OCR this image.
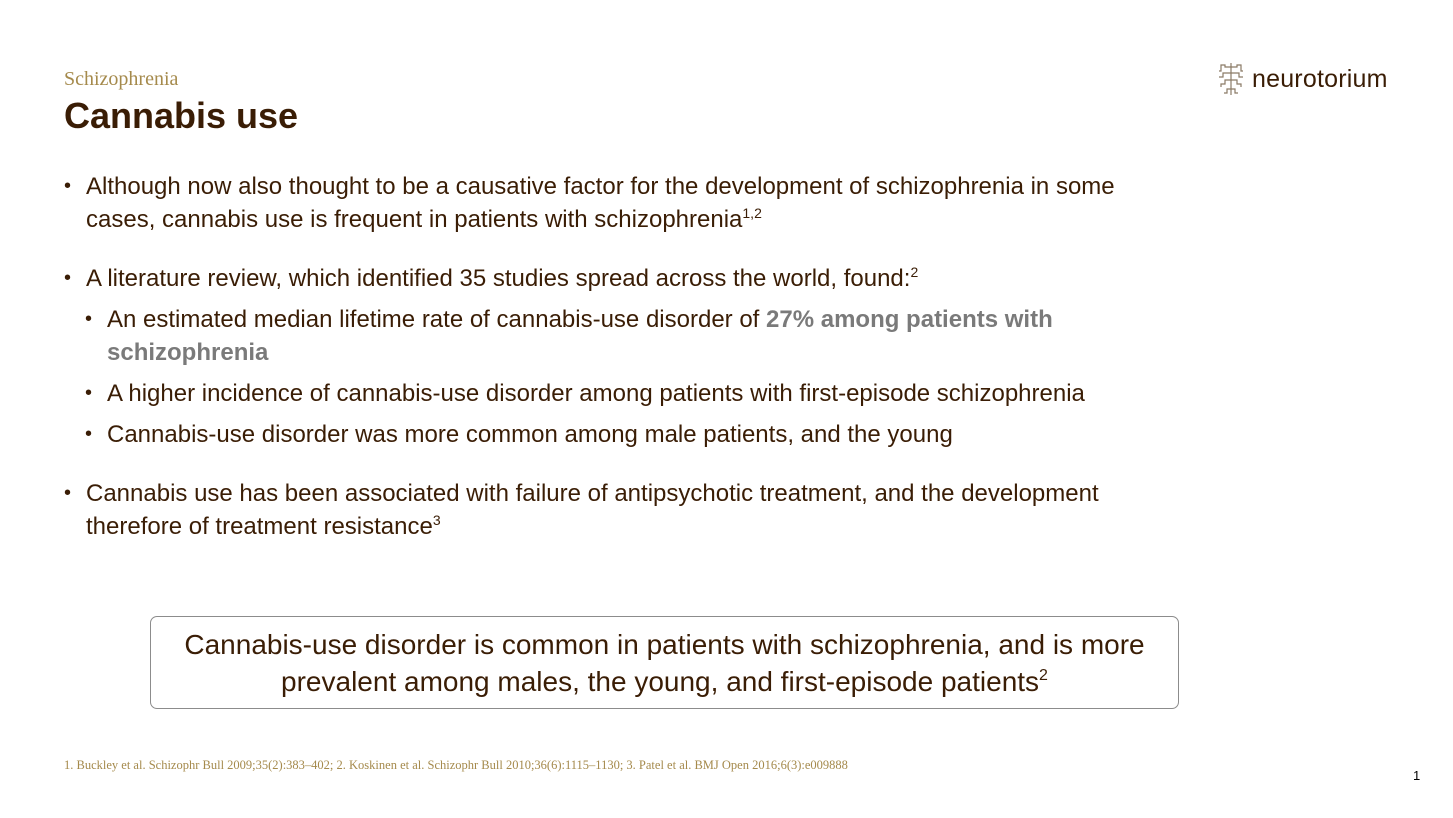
Schizophrenia
Cannabis use
neurotorium
• Although now also thought to be a causative factor for the development of schizophrenia in some cases, cannabis use is frequent in patients with schizophrenia$^{1,2}$
• A literature review, which identified 35 studies spread across the world, found:$^2$
• An estimated median lifetime rate of cannabis-use disorder of 27% among patients with schizophrenia
• A higher incidence of cannabis-use disorder among patients with first-episode schizophrenia
• Cannabis-use disorder was more common among male patients, and the young
• Cannabis use has been associated with failure of antipsychotic treatment, and the development therefore of treatment resistance$^3$
Cannabis-use disorder is common in patients with schizophrenia, and is more prevalent among males, the young, and first-episode patients$^2$
1. Buckley et al. Schizophr Bull 2009;35(2):383–402; 2. Koskinen et al. Schizophr Bull 2010;36(6):1115–1130; 3. Patel et al. BMJ Open 2016;6(3):e009888
1
